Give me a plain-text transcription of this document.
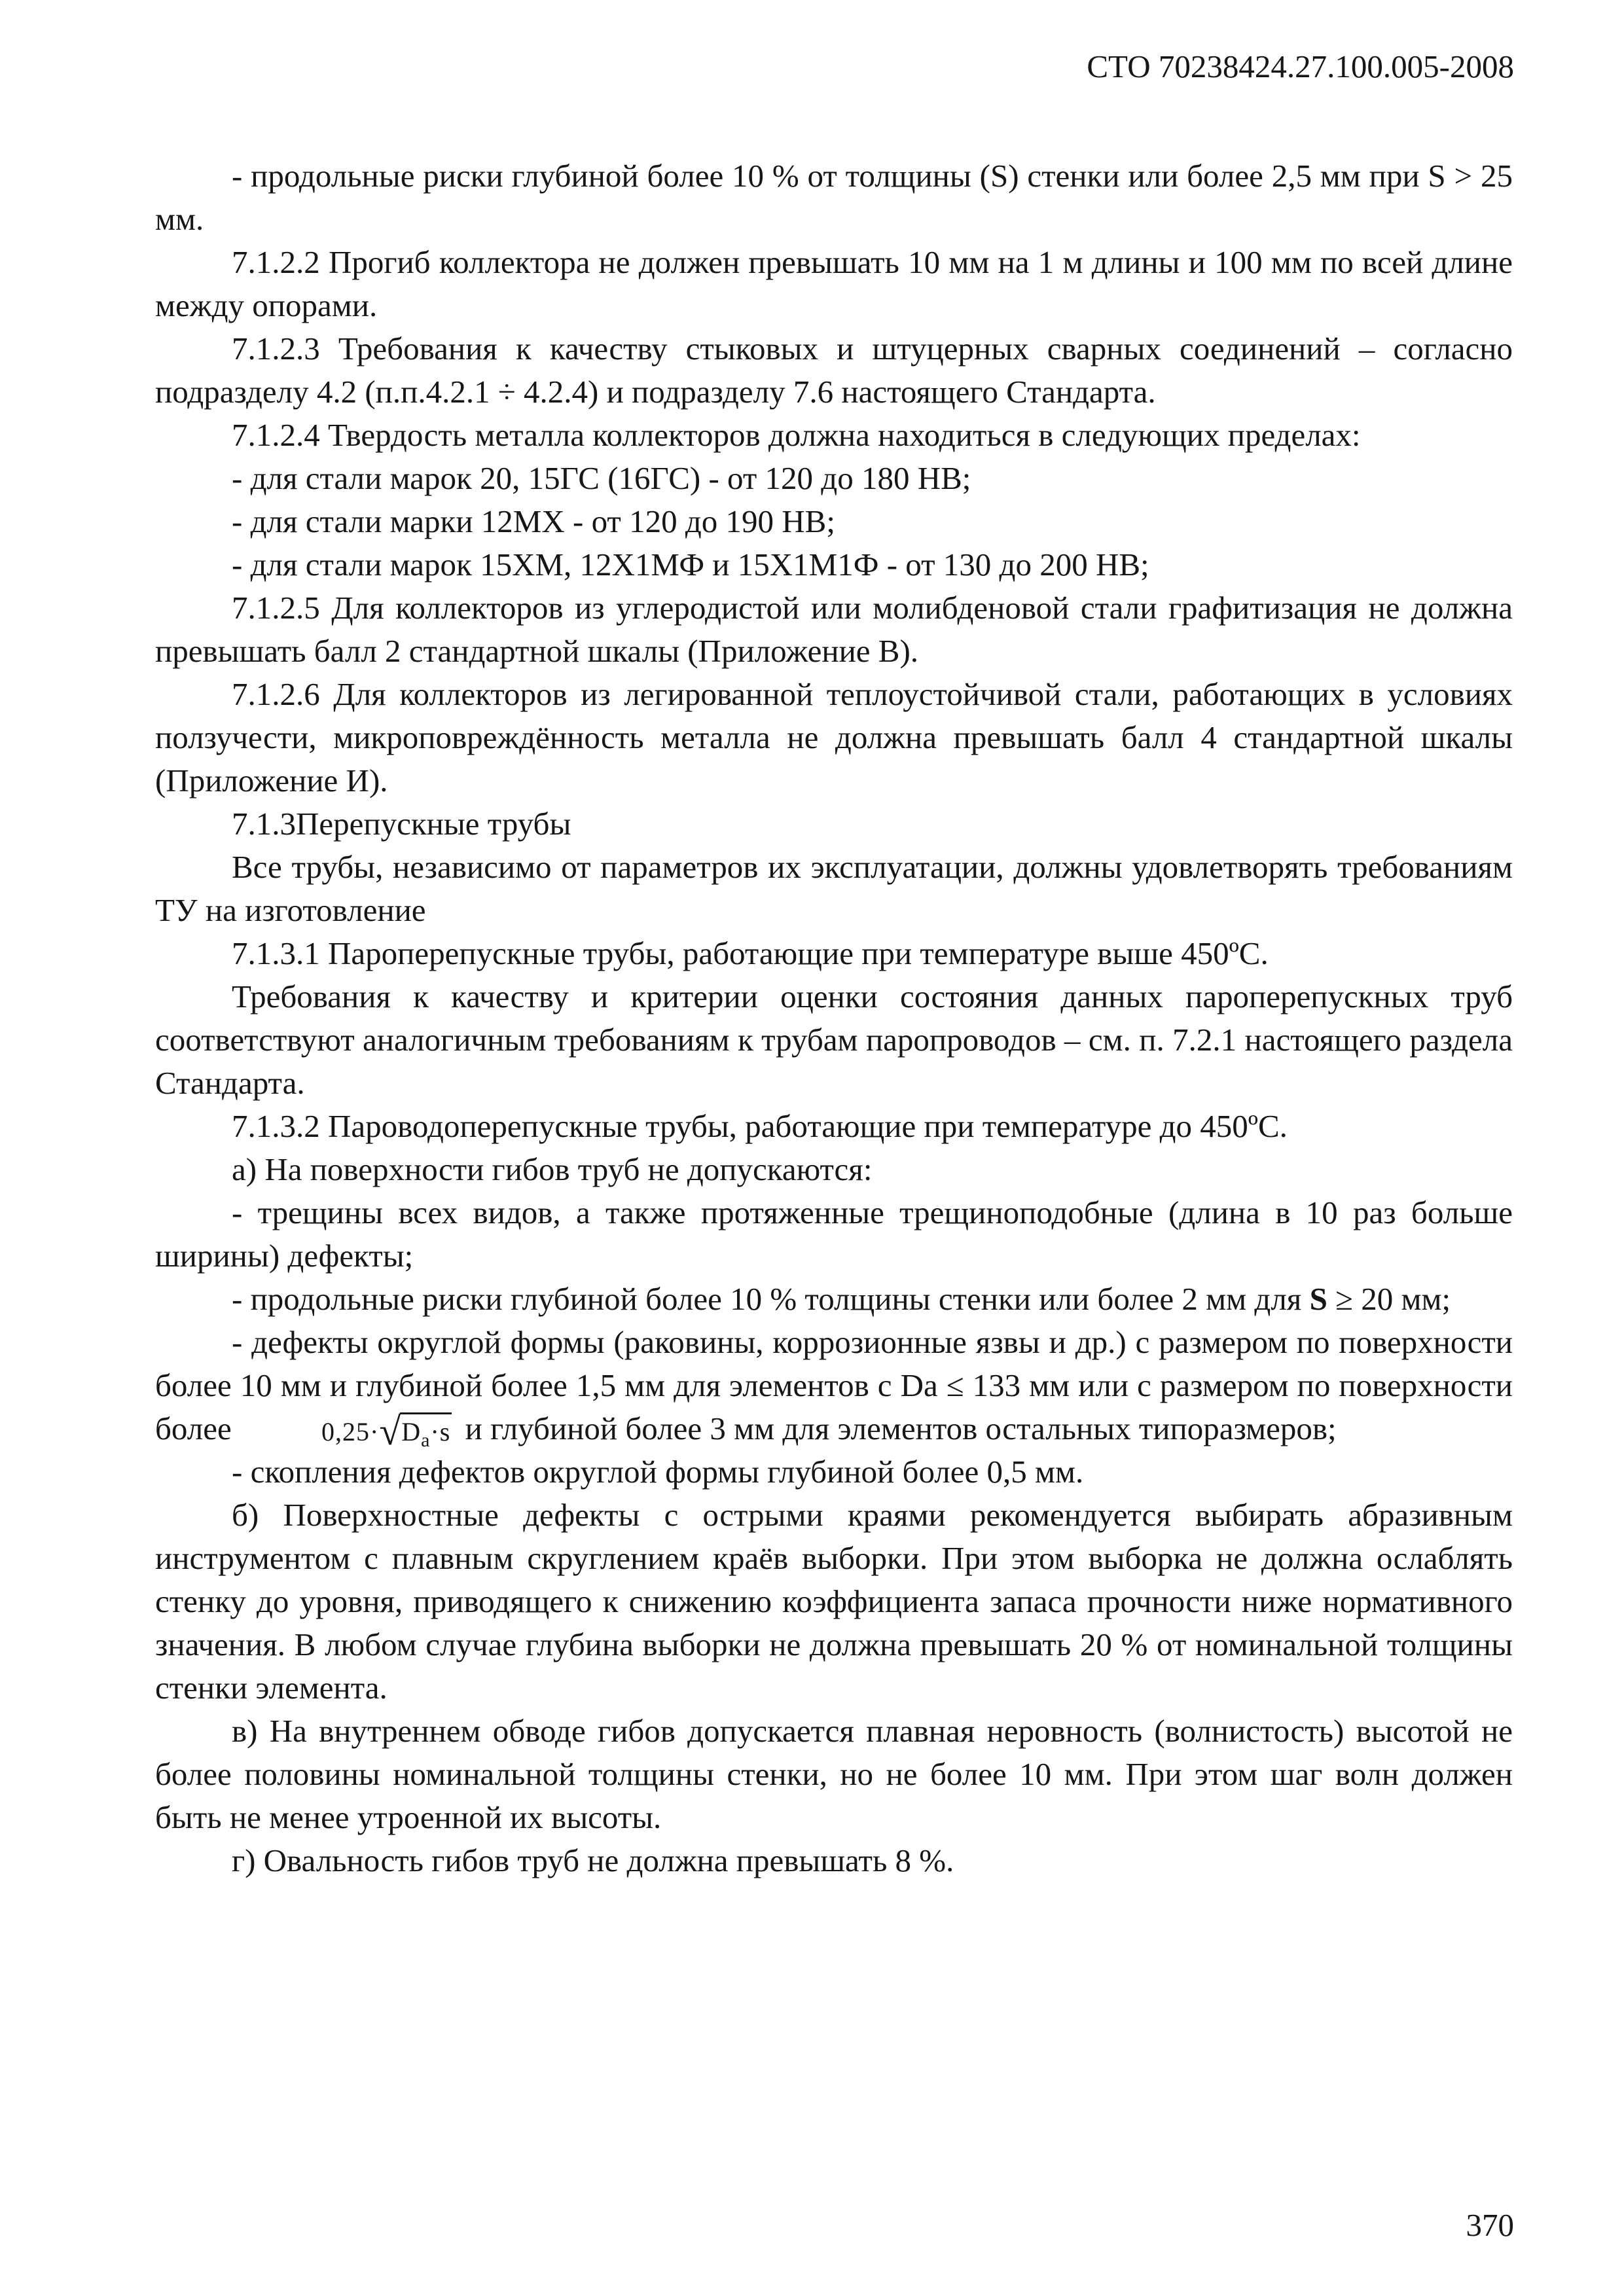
СТО 70238424.27.100.005-2008

- продольные риски глубиной более 10 % от толщины (S) стенки или более 2,5 мм при S > 25 мм.

7.1.2.2 Прогиб коллектора не должен превышать 10 мм на 1 м длины и 100 мм по всей длине между опорами.

7.1.2.3 Требования к качеству стыковых и штуцерных сварных соединений – согласно подразделу 4.2 (п.п.4.2.1 ÷ 4.2.4) и подразделу 7.6 настоящего Стандарта.

7.1.2.4 Твердость металла коллекторов должна находиться в следующих пределах:

- для стали марок 20, 15ГС (16ГС) - от 120 до 180 НВ;

- для стали марки 12МХ - от 120 до 190 НВ;

- для стали марок 15ХМ, 12Х1МФ и 15Х1М1Ф - от 130 до 200 НВ;

7.1.2.5 Для коллекторов из углеродистой или молибденовой стали графитизация не должна превышать балл 2 стандартной шкалы (Приложение В).

7.1.2.6 Для коллекторов из легированной теплоустойчивой стали, работающих в условиях ползучести, микроповреждённость металла не должна превышать балл 4 стандартной шкалы (Приложение И).

7.1.3Перепускные трубы

Все трубы, независимо от параметров их эксплуатации, должны удовлетворять требованиям ТУ на изготовление

7.1.3.1 Пароперепускные трубы, работающие при температуре выше 450ºС.

Требования к качеству и критерии оценки состояния данных пароперепускных труб соответствуют аналогичным требованиям к трубам паропроводов – см. п. 7.2.1 настоящего раздела Стандарта.

7.1.3.2 Пароводоперепускные трубы, работающие при температуре до 450ºС.

а) На поверхности гибов труб не допускаются:

- трещины всех видов, а также протяженные трещиноподобные (длина в 10 раз больше ширины) дефекты;

- продольные риски глубиной более 10 % толщины стенки или более 2 мм для S ≥ 20 мм;

- дефекты округлой формы (раковины, коррозионные язвы и др.) с размером по поверхности более 10 мм и глубиной более 1,5 мм для элементов с Da ≤ 133 мм или с размером по поверхности более	$0,25\cdot√D_a\cdot s$ и глубиной более 3 мм для элементов остальных типоразмеров;

- скопления дефектов округлой формы глубиной более 0,5 мм.

б) Поверхностные дефекты с острыми краями рекомендуется выбирать абразивным инструментом с плавным скруглением краёв выборки. При этом выборка не должна ослаблять стенку до уровня, приводящего к снижению коэффициента запаса прочности ниже нормативного значения. В любом случае глубина выборки не должна превышать 20 % от номинальной толщины стенки элемента.

в) На внутреннем обводе гибов допускается плавная неровность (волнистость) высотой не более половины номинальной толщины стенки, но не более 10 мм. При этом шаг волн должен быть не менее утроенной их высоты.

г) Овальность гибов труб не должна превышать 8 %.

370
